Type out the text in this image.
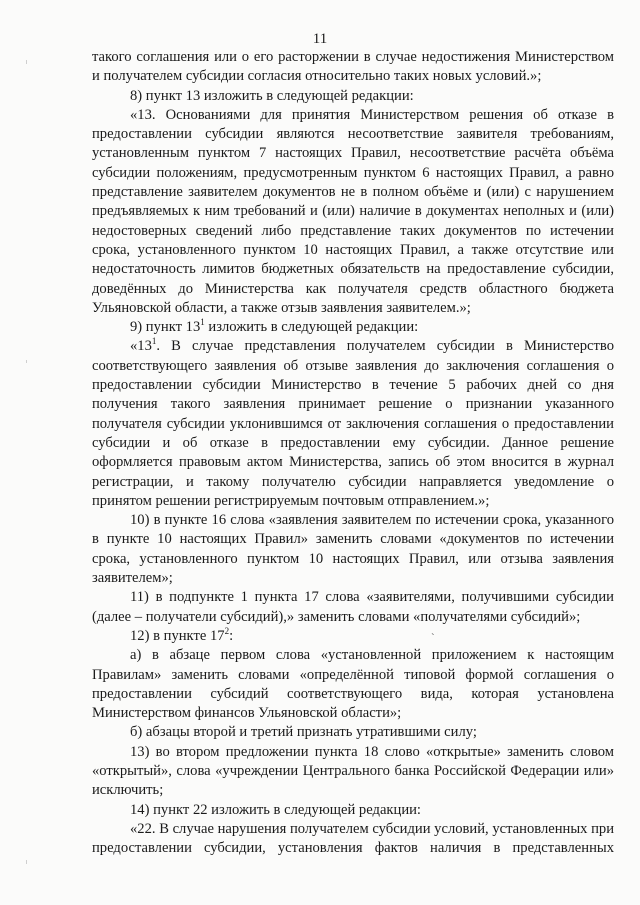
11

такого соглашения или о его расторжении в случае недостижения Министерством и получателем субсидии согласия относительно таких новых условий.»;

8) пункт 13 изложить в следующей редакции:

«13. Основаниями для принятия Министерством решения об отказе в предоставлении субсидии являются несоответствие заявителя требованиям, установленным пунктом 7 настоящих Правил, несоответствие расчёта объёма субсидии положениям, предусмотренным пунктом 6 настоящих Правил, а равно представление заявителем документов не в полном объёме и (или) с нарушением предъявляемых к ним требований и (или) наличие в документах неполных и (или) недостоверных сведений либо представление таких документов по истечении срока, установленного пунктом 10 настоящих Правил, а также отсутствие или недостаточность лимитов бюджетных обязательств на предоставление субсидии, доведённых до Министерства как получателя средств областного бюджета Ульяновской области, а также отзыв заявления заявителем.»;

9) пункт $13^1$ изложить в следующей редакции:

«$13^1$. В случае представления получателем субсидии в Министерство соответствующего заявления об отзыве заявления до заключения соглашения о предоставлении субсидии Министерство в течение 5 рабочих дней со дня получения такого заявления принимает решение о признании указанного получателя субсидии уклонившимся от заключения соглашения о предоставлении субсидии и об отказе в предоставлении ему субсидии. Данное решение оформляется правовым актом Министерства, запись об этом вносится в журнал регистрации, и такому получателю субсидии направляется уведомление о принятом решении регистрируемым почтовым отправлением.»;

10) в пункте 16 слова «заявления заявителем по истечении срока, указанного в пункте 10 настоящих Правил» заменить словами «документов по истечении срока, установленного пунктом 10 настоящих Правил, или отзыва заявления заявителем»;

11) в подпункте 1 пункта 17 слова «заявителями, получившими субсидии (далее – получатели субсидий),» заменить словами «получателями субсидий»;

12) в пункте $17^2$:

а) в абзаце первом слова «установленной приложением к настоящим Правилам» заменить словами «определённой типовой формой соглашения о предоставлении субсидий соответствующего вида, которая установлена Министерством финансов Ульяновской области»;

б) абзацы второй и третий признать утратившими силу;

13) во втором предложении пункта 18 слово «открытые» заменить словом «открытый», слова «учреждении Центрального банка Российской Федерации или» исключить;

14) пункт 22 изложить в следующей редакции:

«22. В случае нарушения получателем субсидии условий, установленных при предоставлении субсидии, установления фактов наличия в представленных

`
